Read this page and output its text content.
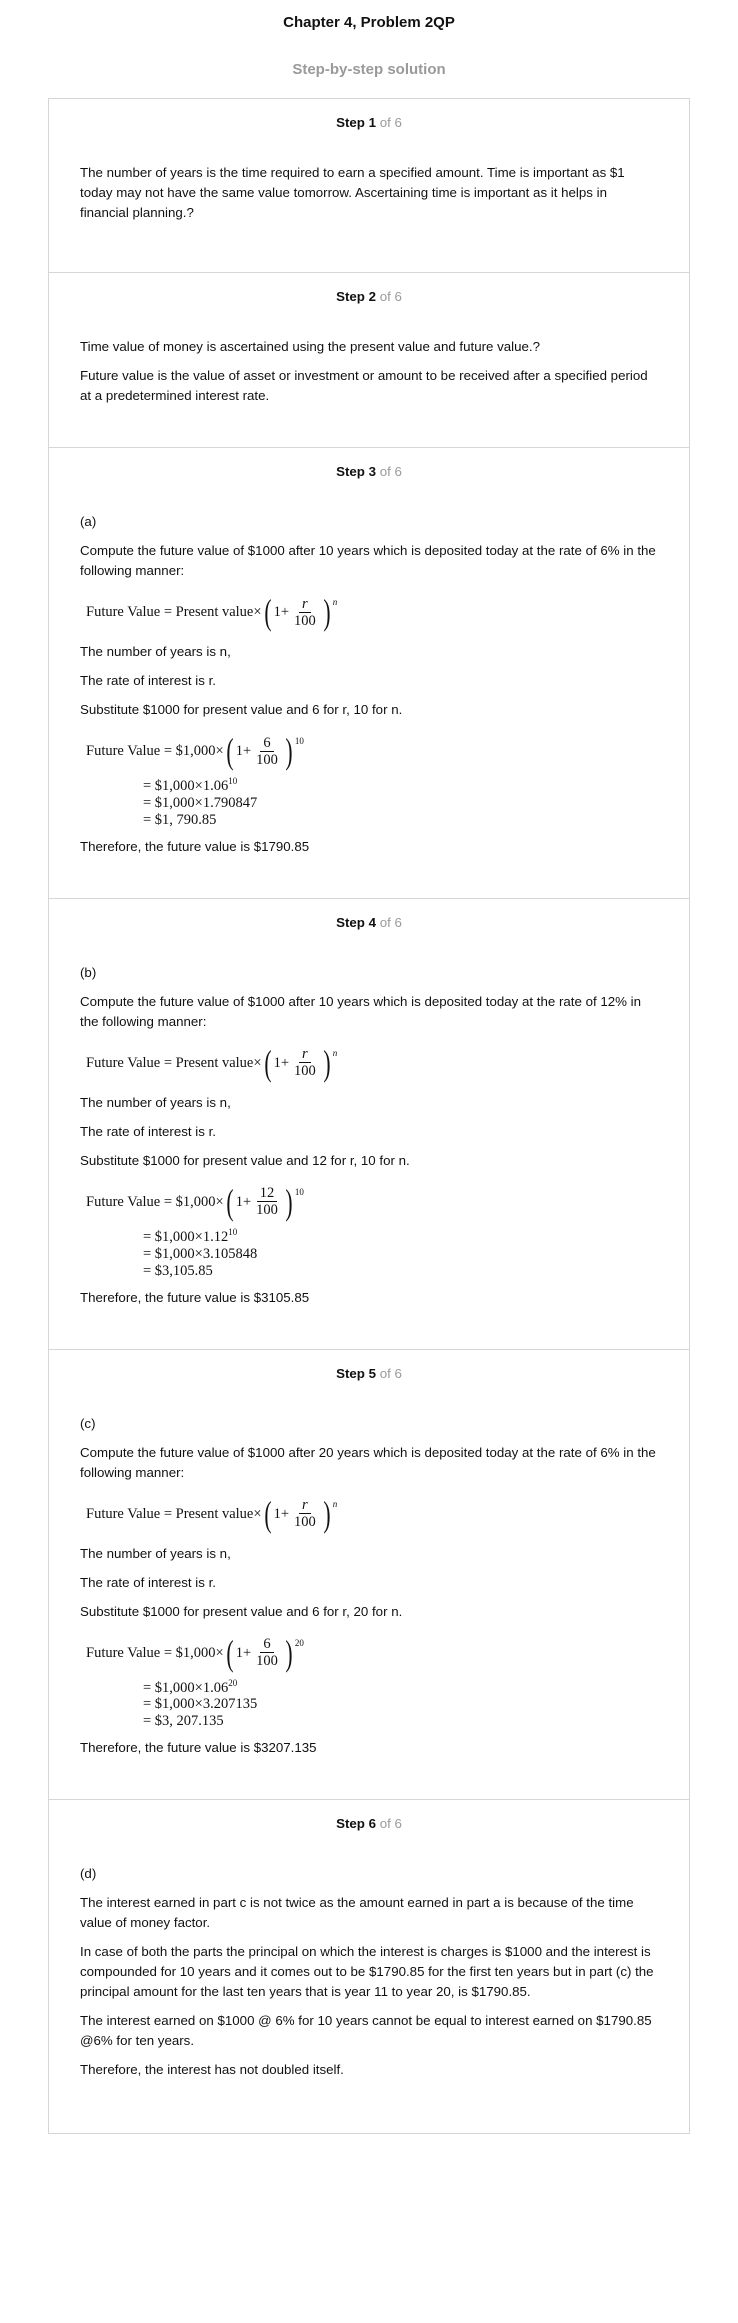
Chapter 4, Problem 2QP
Step-by-step solution
Step 1 of 6

The number of years is the time required to earn a specified amount. Time is important as $1 today may not have the same value tomorrow. Ascertaining time is important as it helps in financial planning.?

Step 2 of 6

Time value of money is ascertained using the present value and future value.?

Future value is the value of asset or investment or amount to be received after a specified period at a predetermined interest rate.

Step 3 of 6

(a)

Compute the future value of $1000 after 10 years which is deposited today at the rate of 6% in the following manner:

Future Value = Present value× ( $1+ \frac{r}{100}$ ) n

The number of years is n,

The rate of interest is r.

Substitute $1000 for present value and 6 for r, 10 for n.

Future Value = $1,000× ( $1+ \frac{6}{100}$ ) 10
= $\$1,000\times 1.06^{10}$
= $1,000×1.790847
= $1, 790.85

Therefore, the future value is $1790.85

Step 4 of 6

(b)

Compute the future value of $1000 after 10 years which is deposited today at the rate of 12% in the following manner:

Future Value = Present value× ( $1+ \frac{r}{100}$ ) n

The number of years is n,

The rate of interest is r.

Substitute $1000 for present value and 12 for r, 10 for n.

Future Value = $1,000× ( $1+ \frac{12}{100}$ ) 10
= $\$1,000\times 1.12^{10}$
= $1,000×3.105848
= $3,105.85

Therefore, the future value is $3105.85

Step 5 of 6

(c)

Compute the future value of $1000 after 20 years which is deposited today at the rate of 6% in the following manner:

Future Value = Present value× ( $1+ \frac{r}{100}$ ) n

The number of years is n,

The rate of interest is r.

Substitute $1000 for present value and 6 for r, 20 for n.

Future Value = $1,000× ( $1+ \frac{6}{100}$ ) 20
= $\$1,000\times 1.06^{20}$
= $1,000×3.207135
= $3, 207.135

Therefore, the future value is $3207.135

Step 6 of 6

(d)

The interest earned in part c is not twice as the amount earned in part a is because of the time value of money factor.

In case of both the parts the principal on which the interest is charges is $1000 and the interest is compounded for 10 years and it comes out to be $1790.85 for the first ten years but in part (c) the principal amount for the last ten years that is year 11 to year 20, is $1790.85.

The interest earned on $1000 @ 6% for 10 years cannot be equal to interest earned on $1790.85 @6% for ten years.

Therefore, the interest has not doubled itself.
